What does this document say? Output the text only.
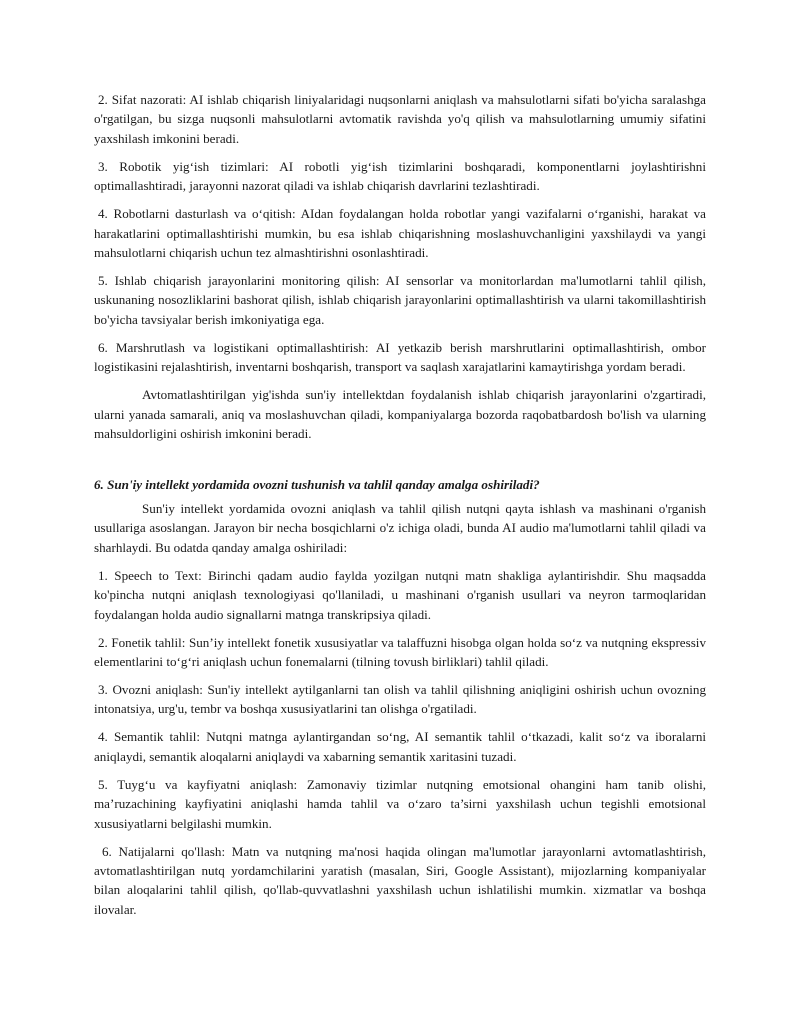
2. Sifat nazorati: AI ishlab chiqarish liniyalaridagi nuqsonlarni aniqlash va mahsulotlarni sifati bo'yicha saralashga o'rgatilgan, bu sizga nuqsonli mahsulotlarni avtomatik ravishda yo'q qilish va mahsulotlarning umumiy sifatini yaxshilash imkonini beradi.

3. Robotik yig‘ish tizimlari: AI robotli yig‘ish tizimlarini boshqaradi, komponentlarni joylashtirishni optimallashtiradi, jarayonni nazorat qiladi va ishlab chiqarish davrlarini tezlashtiradi.

4. Robotlarni dasturlash va o‘qitish: AIdan foydalangan holda robotlar yangi vazifalarni o‘rganishi, harakat va harakatlarini optimallashtirishi mumkin, bu esa ishlab chiqarishning moslashuvchanligini yaxshilaydi va yangi mahsulotlarni chiqarish uchun tez almashtirishni osonlashtiradi.

5. Ishlab chiqarish jarayonlarini monitoring qilish: AI sensorlar va monitorlardan ma'lumotlarni tahlil qilish, uskunaning nosozliklarini bashorat qilish, ishlab chiqarish jarayonlarini optimallashtirish va ularni takomillashtirish bo'yicha tavsiyalar berish imkoniyatiga ega.

6. Marshrutlash va logistikani optimallashtirish: AI yetkazib berish marshrutlarini optimallashtirish, ombor logistikasini rejalashtirish, inventarni boshqarish, transport va saqlash xarajatlarini kamaytirishga yordam beradi.

Avtomatlashtirilgan yig'ishda sun'iy intellektdan foydalanish ishlab chiqarish jarayonlarini o'zgartiradi, ularni yanada samarali, aniq va moslashuvchan qiladi, kompaniyalarga bozorda raqobatbardosh bo'lish va ularning mahsuldorligini oshirish imkonini beradi.

6. Sun'iy intellekt yordamida ovozni tushunish va tahlil qanday amalga oshiriladi?

Sun'iy intellekt yordamida ovozni aniqlash va tahlil qilish nutqni qayta ishlash va mashinani o'rganish usullariga asoslangan. Jarayon bir necha bosqichlarni o'z ichiga oladi, bunda AI audio ma'lumotlarni tahlil qiladi va sharhlaydi. Bu odatda qanday amalga oshiriladi:

1. Speech to Text: Birinchi qadam audio faylda yozilgan nutqni matn shakliga aylantirishdir. Shu maqsadda ko'pincha nutqni aniqlash texnologiyasi qo'llaniladi, u mashinani o'rganish usullari va neyron tarmoqlaridan foydalangan holda audio signallarni matnga transkripsiya qiladi.

2. Fonetik tahlil: Sun’iy intellekt fonetik xususiyatlar va talaffuzni hisobga olgan holda so‘z va nutqning ekspressiv elementlarini to‘g‘ri aniqlash uchun fonemalarni (tilning tovush birliklari) tahlil qiladi.

3. Ovozni aniqlash: Sun'iy intellekt aytilganlarni tan olish va tahlil qilishning aniqligini oshirish uchun ovozning intonatsiya, urg'u, tembr va boshqa xususiyatlarini tan olishga o'rgatiladi.

4. Semantik tahlil: Nutqni matnga aylantirgandan so‘ng, AI semantik tahlil o‘tkazadi, kalit so‘z va iboralarni aniqlaydi, semantik aloqalarni aniqlaydi va xabarning semantik xaritasini tuzadi.

5. Tuyg‘u va kayfiyatni aniqlash: Zamonaviy tizimlar nutqning emotsional ohangini ham tanib olishi, ma’ruzachining kayfiyatini aniqlashi hamda tahlil va o‘zaro ta’sirni yaxshilash uchun tegishli emotsional xususiyatlarni belgilashi mumkin.

6. Natijalarni qo'llash: Matn va nutqning ma'nosi haqida olingan ma'lumotlar jarayonlarni avtomatlashtirish, avtomatlashtirilgan nutq yordamchilarini yaratish (masalan, Siri, Google Assistant), mijozlarning kompaniyalar bilan aloqalarini tahlil qilish, qo'llab-quvvatlashni yaxshilash uchun ishlatilishi mumkin. xizmatlar va boshqa ilovalar.
